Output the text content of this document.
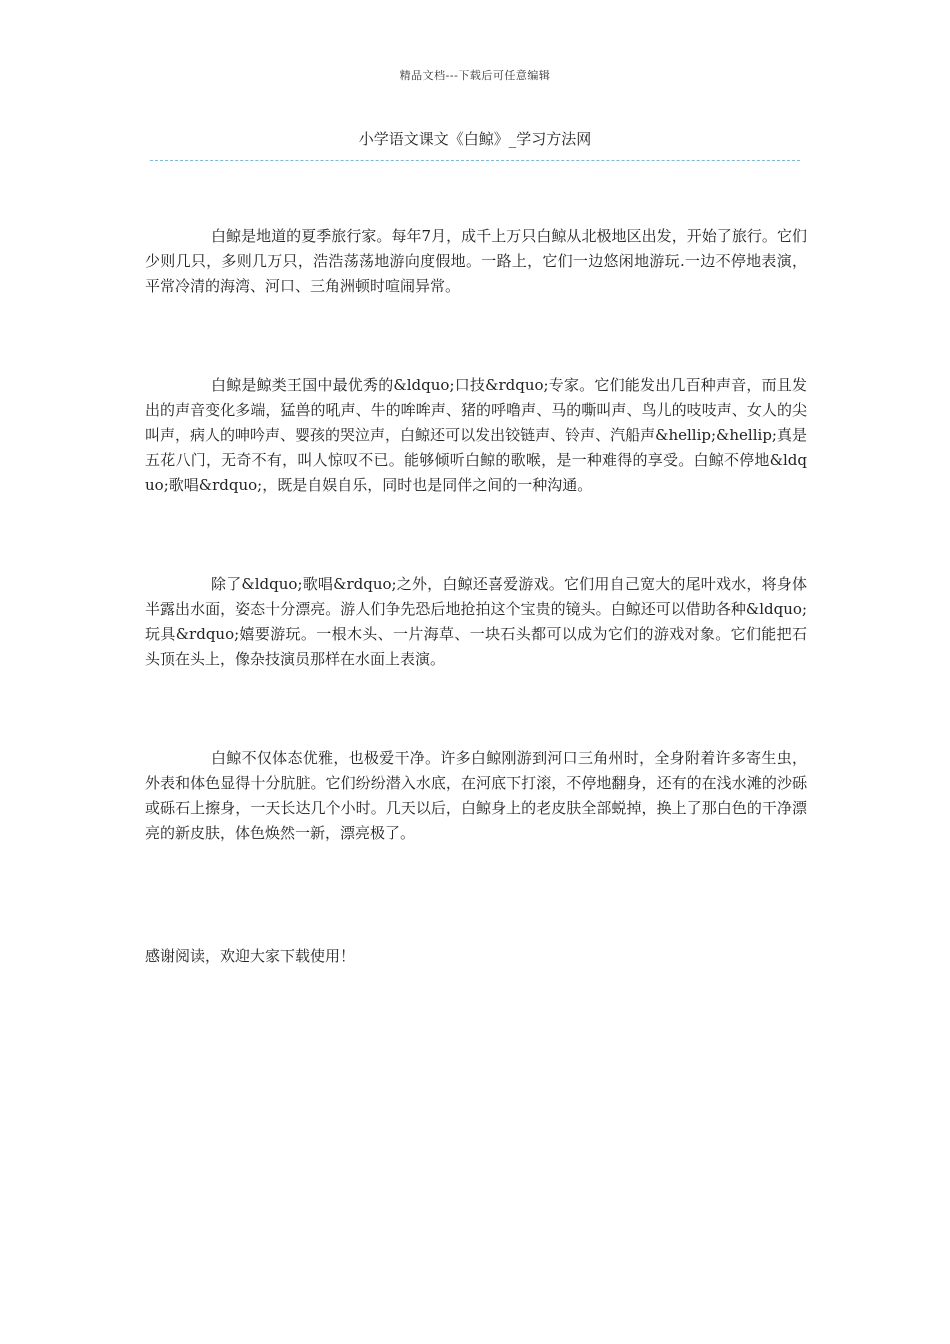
精品文档---下载后可任意编辑
小学语文课文《白鲸》_学习方法网

白鲸是地道的夏季旅行家。每年7月，成千上万只白鲸从北极地区出发，开始了旅行。它们少则几只，多则几万只，浩浩荡荡地游向度假地。一路上，它们一边悠闲地游玩.一边不停地表演，平常冷清的海湾、河口、三角洲顿时喧闹异常。

白鲸是鲸类王国中最优秀的&ldquo;口技&rdquo;专家。它们能发出几百种声音，而且发出的声音变化多端，猛兽的吼声、牛的哞哞声、猪的呼噜声、马的嘶叫声、鸟儿的吱吱声、女人的尖叫声，病人的呻吟声、婴孩的哭泣声，白鲸还可以发出铰链声、铃声、汽船声&hellip;&hellip;真是五花八门，无奇不有，叫人惊叹不已。能够倾听白鲸的歌喉，是一种难得的享受。白鲸不停地&ldquo;歌唱&rdquo;，既是自娱自乐，同时也是同伴之间的一种沟通。

除了&ldquo;歌唱&rdquo;之外，白鲸还喜爱游戏。它们用自己宽大的尾叶戏水，将身体半露出水面，姿态十分漂亮。游人们争先恐后地抢拍这个宝贵的镜头。白鲸还可以借助各种&ldquo;玩具&rdquo;嬉要游玩。一根木头、一片海草、一块石头都可以成为它们的游戏对象。它们能把石头顶在头上，像杂技演员那样在水面上表演。

白鲸不仅体态优雅，也极爱干净。许多白鲸刚游到河口三角州时，全身附着许多寄生虫，外表和体色显得十分肮脏。它们纷纷潜入水底，在河底下打滚，不停地翻身，还有的在浅水滩的沙砾或砾石上擦身，一天长达几个小时。几天以后，白鲸身上的老皮肤全部蜕掉，换上了那白色的干净漂亮的新皮肤，体色焕然一新，漂亮极了。

感谢阅读，欢迎大家下载使用！
